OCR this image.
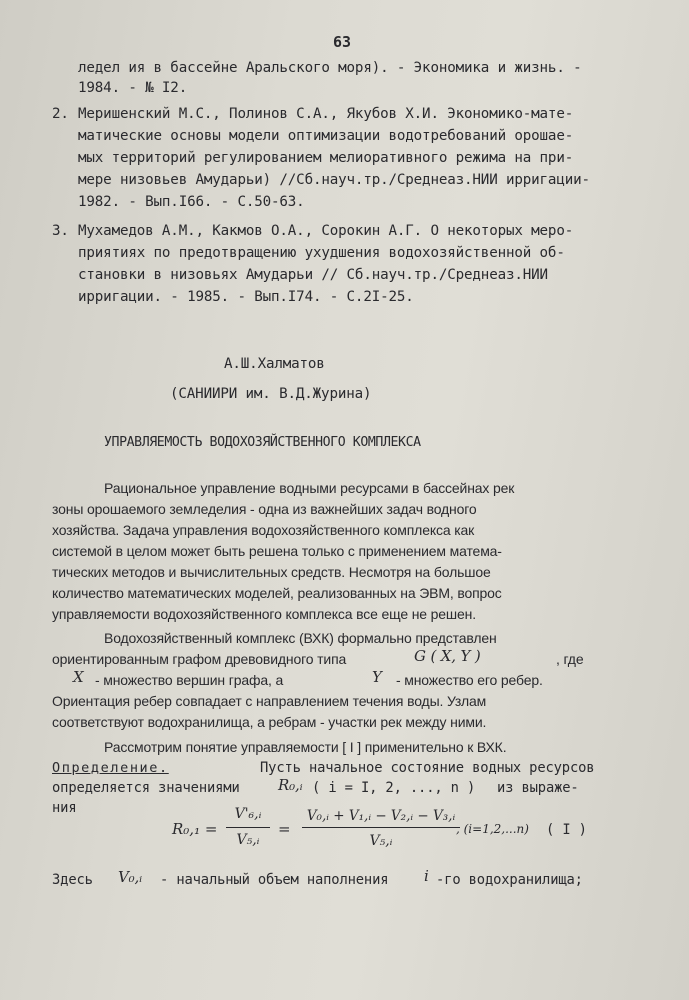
63
ледел ия в бассейне Аральского моря). - Экономика и жизнь. -
1984. - № I2.
2. Меришенский М.С., Полинов С.А., Якубов Х.И. Экономико-мате-
матические основы модели оптимизации водотребований орошае-
мых территорий регулированием мелиоративного режима на при-
мере низовьев Амударьи) //Сб.науч.тр./Среднеаз.НИИ ирригации-
1982. - Вып.I66. - С.50-63.
3. Мухамедов А.М., Какмов О.А., Сорокин А.Г. О некоторых меро-
приятиях по предотвращению ухудшения водохозяйственной об-
становки в низовьях Амударьи // Сб.науч.тр./Среднеаз.НИИ
ирригации. - 1985. - Вып.I74. - С.2I-25.
А.Ш.Халматов
(САНИИРИ им. В.Д.Журина)
УПРАВЛЯЕМОСТЬ ВОДОХОЗЯЙСТВЕННОГО КОМПЛЕКСА
Рациональное управление водными ресурсами в бассейнах рек
зоны орошаемого земледелия - одна из важнейших задач водного
хозяйства. Задача управления водохозяйственного комплекса как
системой в целом может быть решена только с применением матема-
тических методов и вычислительных средств. Несмотря на большое
количество математических моделей, реализованных на ЭВМ, вопрос
управляемости водохозяйственного комплекса все еще не решен.
Водохозяйственный комплекс (ВХК) формально представлен
ориентированным графом древовидного типа	G ( X, Y )	, где
X - множество вершин графа, а	Y - множество его ребер.
Ориентация ребер совпадает с направлением течения воды. Узлам
соответствуют водохранилища, а ребрам - участки рек между ними.
Рассмотрим понятие управляемости [ I ] применительно к ВХК.
Определение.	Пусть начальное состояние водных ресурсов
определяется значениями	R₀,ᵢ ( i = I, 2, ..., n ) из выраже-
ния
R₀,₁ =
V'₆,ᵢ
V₅,ᵢ
=
V₀,ᵢ + V₁,ᵢ − V₂,ᵢ − V₃,ᵢ
V₅,ᵢ
, (i=1,2,...n) ( I )
Здесь V₀,ᵢ - начальный объем наполнения i -го водохранилища;
